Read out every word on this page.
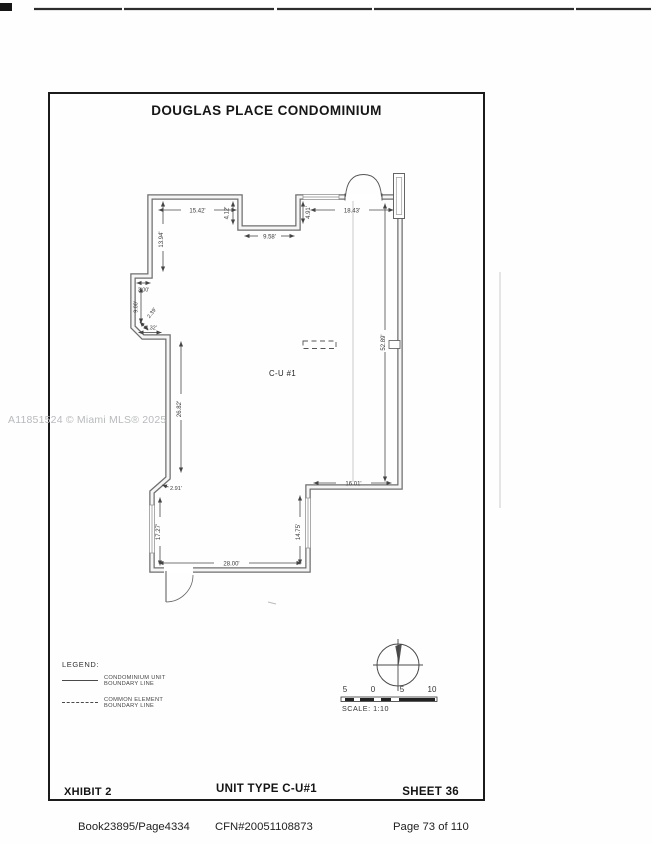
DOUGLAS PLACE CONDOMINIUM
LEGEND:
CONDOMINIUM UNIT
BOUNDARY LINE
COMMON ELEMENT
BOUNDARY LINE
XHIBIT 2	UNIT TYPE C-U#1	SHEET 36
C-U #1
15.42'	4.12'
9.58'
4.91'	18.43'
13.94'
3.00'
9.00' 2.39'
4.32'
26.82'
2.91'
17.27'
28.00'
14.75'
16.01'
52.89'
5	0	5	10
SCALE: 1:10
A11851524 © Miami MLS® 2025
Book23895/Page4334 CFN#20051108873	Page 73 of 110
